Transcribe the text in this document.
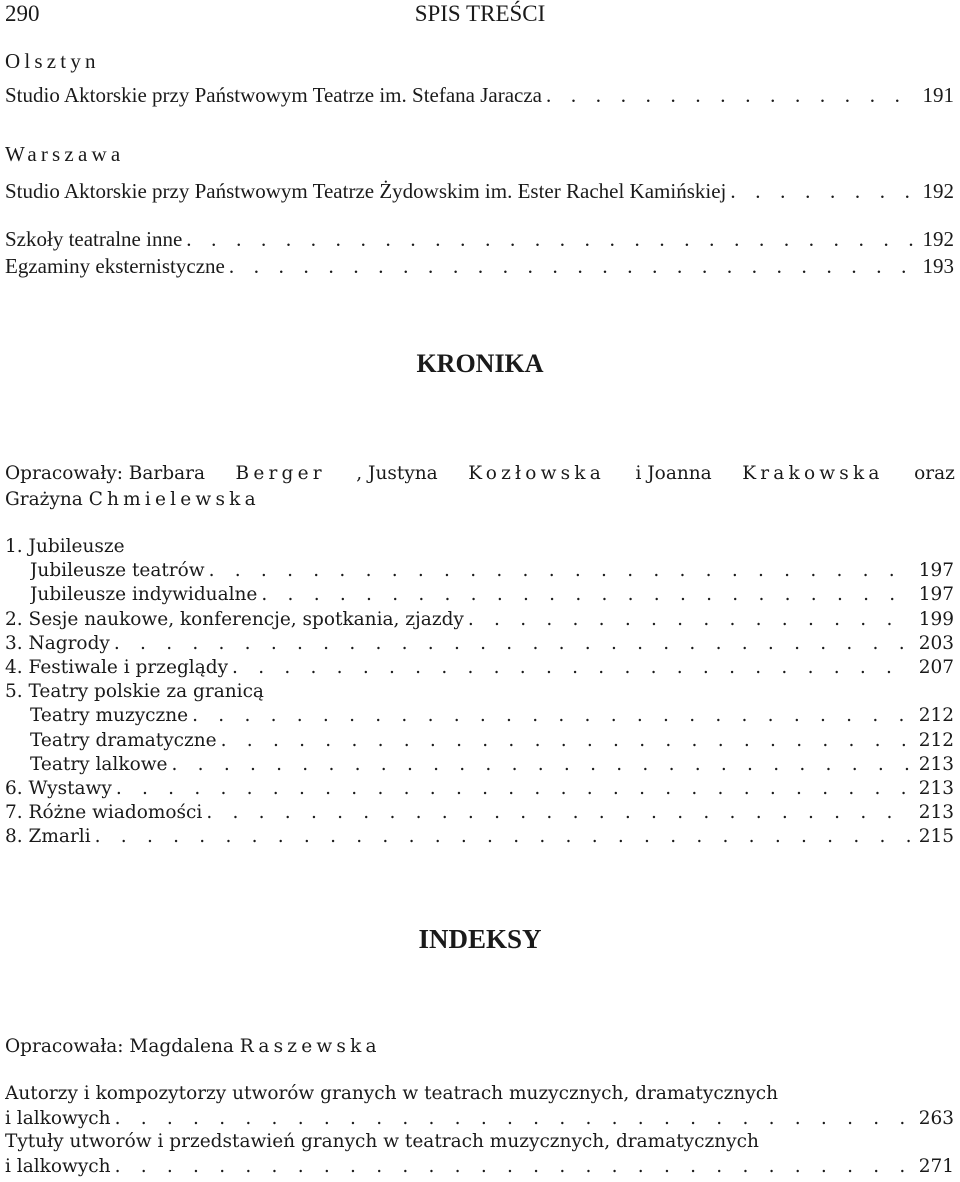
290	SPIS TREŚCI
Olsztyn
Studio Aktorskie przy Państwowym Teatrze im. Stefana Jaracza . . .	191
Warszawa
Studio Aktorskie przy Państwowym Teatrze Żydowskim im. Ester Rachel Kamińskiej . . .	192
Szkoły teatralne inne . . .	192
Egzaminy eksternistyczne . . .	193
KRONIKA
Opracowały: Barbara Berger , Justyna Kozłowska i Joanna Krakowska oraz
Grażyna Chmielewska
1. Jubileusze
Jubileusze teatrów . . .	197
Jubileusze indywidualne . . .	197
2. Sesje naukowe, konferencje, spotkania, zjazdy . . .	199
3. Nagrody . . .	203
4. Festiwale i przeglądy . . .	207
5. Teatry polskie za granicą
Teatry muzyczne . . .	212
Teatry dramatyczne . . .	212
Teatry lalkowe . . .	213
6. Wystawy . . .	213
7. Różne wiadomości . . .	213
8. Zmarli . . .	215
INDEKSY
Opracowała: Magdalena Raszewska
Autorzy i kompozytorzy utworów granych w teatrach muzycznych, dramatycznych
i lalkowych . . .	263
Tytuły utworów i przedstawień granych w teatrach muzycznych, dramatycznych
i lalkowych . . .	271
